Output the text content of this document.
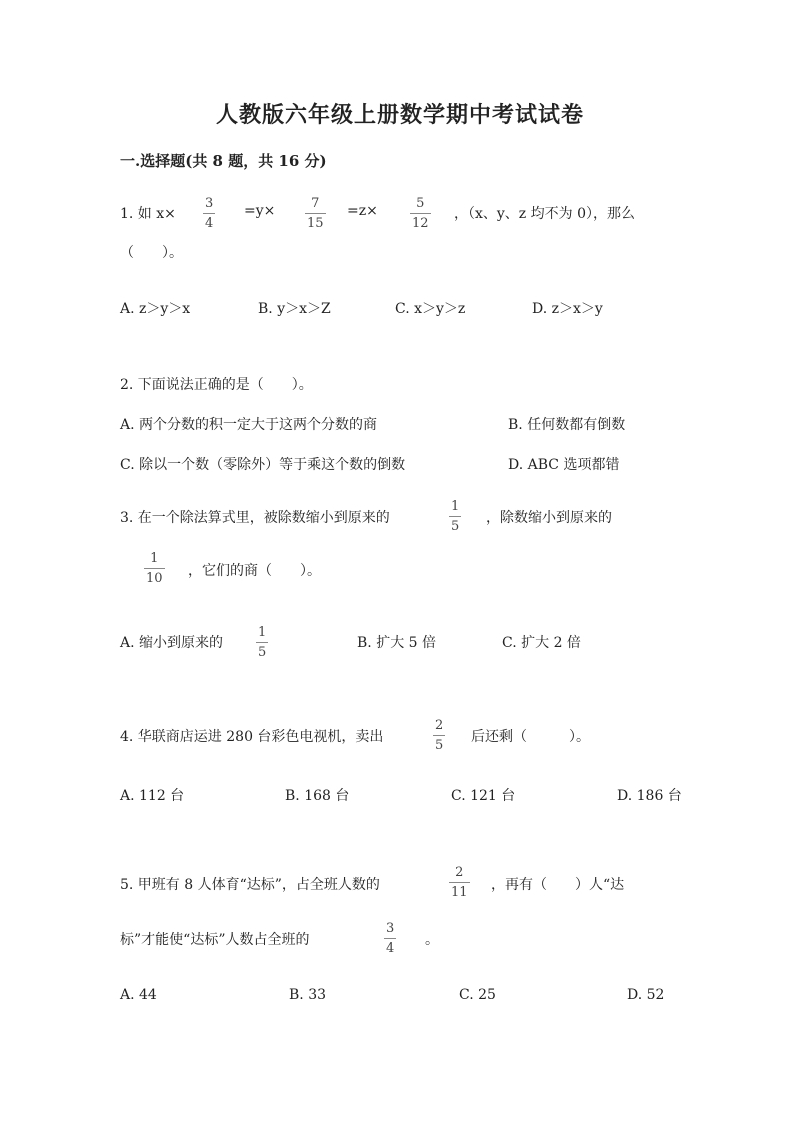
人教版六年级上册数学期中考试试卷
一.选择题(共 8 题，共 16 分)
1. 如 x×
3
4
=y×	7
15
=z×	5
12
，（x、y、z 均不为 0），那么
（　　）。
A. z＞y＞x	B. y＞x＞Z	C. x＞y＞z	D. z＞x＞y
2. 下面说法正确的是（　　）。
A. 两个分数的积一定大于这两个分数的商	B. 任何数都有倒数
C. 除以一个数（零除外）等于乘这个数的倒数	D. ABC 选项都错
3. 在一个除法算式里，被除数缩小到原来的
1
5
，除数缩小到原来的
1
10 ，它们的商（　　）。
A. 缩小到原来的
1
5
B. 扩大 5 倍	C. 扩大 2 倍
4. 华联商店运进 280 台彩色电视机，卖出
2
5
后还剩（　　　）。
A. 112 台	B. 168 台	C. 121 台	D. 186 台
5. 甲班有 8 人体育“达标”，占全班人数的
2
11 ，再有（　　）人“达
标”才能使“达标”人数占全班的
3
4
。
A. 44	B. 33	C. 25	D. 52
